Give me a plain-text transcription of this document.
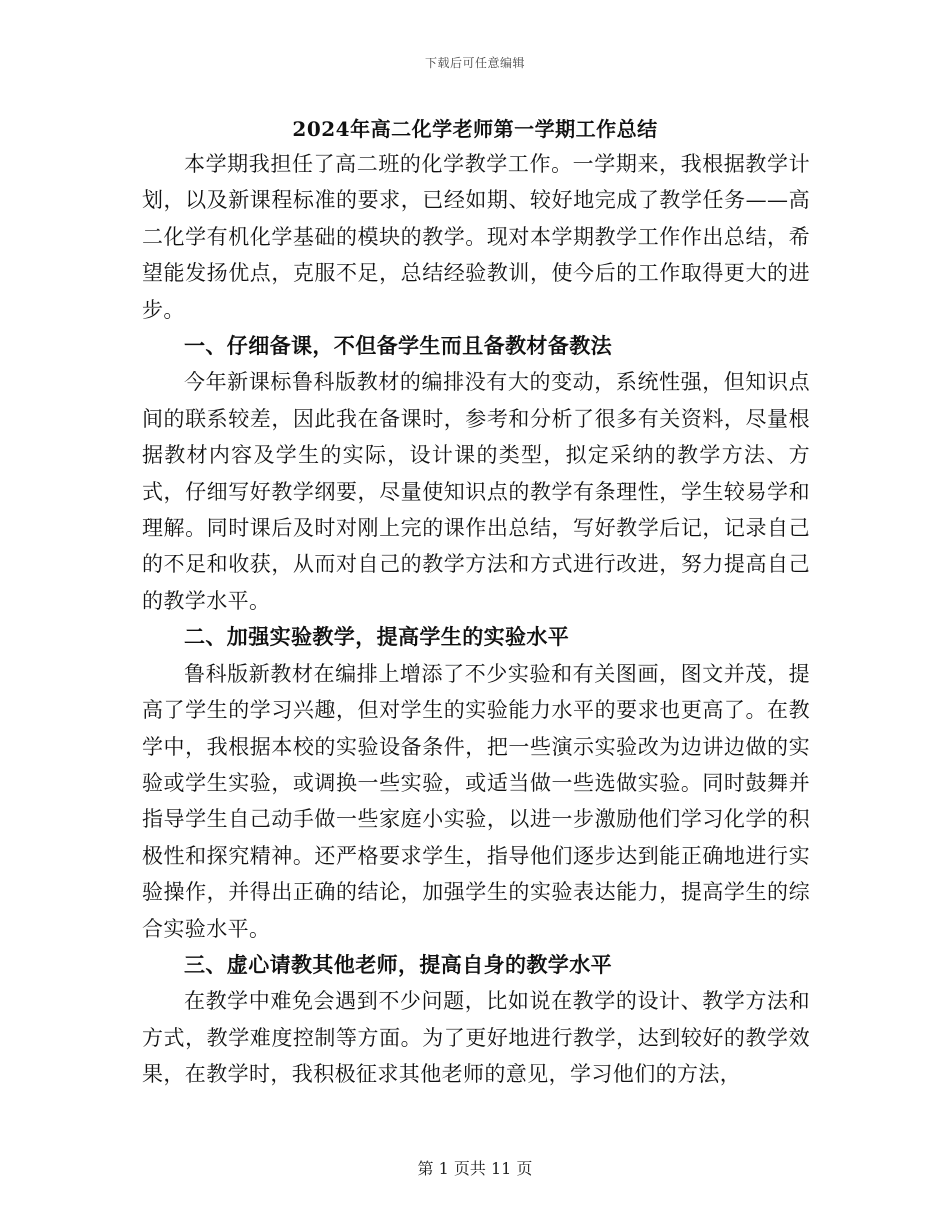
下载后可任意编辑
2024年高二化学老师第一学期工作总结

本学期我担任了高二班的化学教学工作。一学期来，我根据教学计划，以及新课程标准的要求，已经如期、较好地完成了教学任务——高二化学有机化学基础的模块的教学。现对本学期教学工作作出总结，希望能发扬优点，克服不足，总结经验教训，使今后的工作取得更大的进步。

一、仔细备课，不但备学生而且备教材备教法

今年新课标鲁科版教材的编排没有大的变动，系统性强，但知识点间的联系较差，因此我在备课时，参考和分析了很多有关资料，尽量根据教材内容及学生的实际，设计课的类型，拟定采纳的教学方法、方式，仔细写好教学纲要，尽量使知识点的教学有条理性，学生较易学和理解。同时课后及时对刚上完的课作出总结，写好教学后记，记录自己的不足和收获，从而对自己的教学方法和方式进行改进，努力提高自己的教学水平。

二、加强实验教学，提高学生的实验水平

鲁科版新教材在编排上增添了不少实验和有关图画，图文并茂，提高了学生的学习兴趣，但对学生的实验能力水平的要求也更高了。在教学中，我根据本校的实验设备条件，把一些演示实验改为边讲边做的实验或学生实验，或调换一些实验，或适当做一些选做实验。同时鼓舞并指导学生自己动手做一些家庭小实验，以进一步激励他们学习化学的积极性和探究精神。还严格要求学生，指导他们逐步达到能正确地进行实验操作，并得出正确的结论，加强学生的实验表达能力，提高学生的综合实验水平。

三、虚心请教其他老师，提高自身的教学水平

在教学中难免会遇到不少问题，比如说在教学的设计、教学方法和方式，教学难度控制等方面。为了更好地进行教学，达到较好的教学效果，在教学时，我积极征求其他老师的意见，学习他们的方法，

第 1 页共 11 页
